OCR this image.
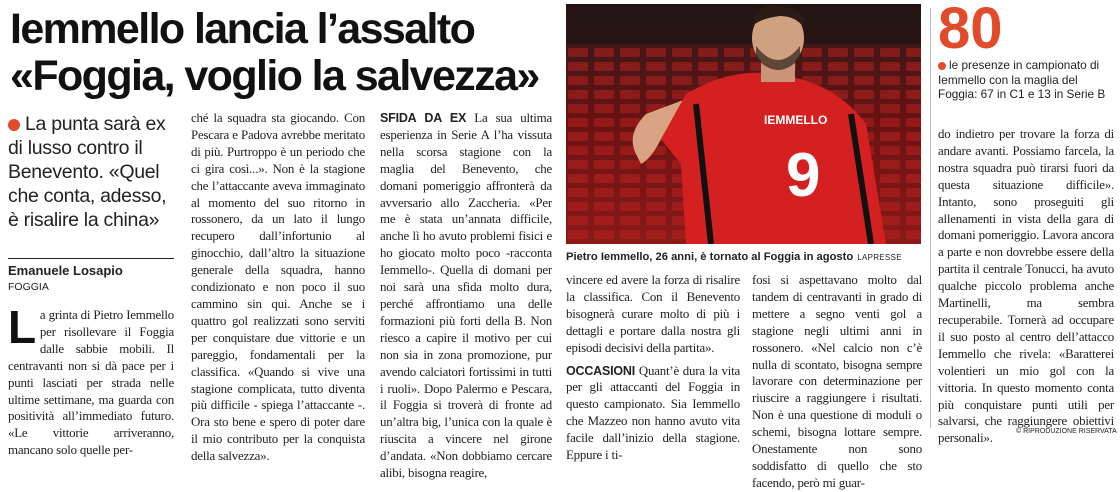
Iemmello lancia l’assalto
«Foggia, voglio la salvezza»
La punta sarà ex di lusso contro il Benevento. «Quel che conta, adesso, è risalire la china»
Emanuele Losapio
FOGGIA
La grinta di Pietro Iemmello per risollevare il Foggia dalle sabbie mobili. Il centravanti non si dà pace per i punti lasciati per strada nelle ultime settimane, ma guarda con positività all’immediato futuro. «Le vittorie arriveranno, mancano solo quelle per-
ché la squadra sta giocando. Con Pescara e Padova avrebbe meritato di più. Purtroppo è un periodo che ci gira così...». Non è la stagione che l’attaccante aveva immaginato al momento del suo ritorno in rossonero, da un lato il lungo recupero dall’infortunio al ginocchio, dall’altro la situazione generale della squadra, hanno condizionato e non poco il suo cammino sin qui. Anche se i quattro gol realizzati sono serviti per conquistare due vittorie e un pareggio, fondamentali per la classifica. «Quando si vive una stagione complicata, tutto diventa più difficile - spiega l’attaccante -. Ora sto bene e spero di poter dare il mio contributo per la conquista della salvezza».
SFIDA DA EX La sua ultima esperienza in Serie A l’ha vissuta nella scorsa stagione con la maglia del Benevento, che domani pomeriggio affronterà da avversario allo Zaccheria. «Per me è stata un’annata difficile, anche lì ho avuto problemi fisici e ho giocato molto poco -racconta Iemmello-. Quella di domani per noi sarà una sfida molto dura, perché affrontiamo una delle formazioni più forti della B. Non riesco a capire il motivo per cui non sia in zona promozione, pur avendo calciatori fortissimi in tutti i ruoli». Dopo Palermo e Pescara, il Foggia si troverà di fronte ad un’altra big, l’unica con la quale è riuscita a vincere nel girone d’andata. «Non dobbiamo cercare alibi, bisogna reagire,
IEMMELLO
9
Pietro Iemmello, 26 anni, è tornato al Foggia in agosto LAPRESSE

vincere ed avere la forza di risalire la classifica. Con il Benevento bisognerà curare molto di più i dettagli e portare dalla nostra gli episodi decisivi della partita».

OCCASIONI Quant’è dura la vita per gli attaccanti del Foggia in questo campionato. Sia Iemmello che Mazzeo non hanno avuto vita facile dall’inizio della stagione. Eppure i ti-
fosi si aspettavano molto dal tandem di centravanti in grado di mettere a segno venti gol a stagione negli ultimi anni in rossonero. «Nel calcio non c’è nulla di scontato, bisogna sempre lavorare con determinazione per riuscire a raggiungere i risultati. Non è una questione di moduli o schemi, bisogna lottare sempre. Onestamente non sono soddisfatto di quello che sto facendo, però mi guar-
80
le presenze in campionato di Iemmello con la maglia del Foggia: 67 in C1 e 13 in Serie B
do indietro per trovare la forza di andare avanti. Possiamo farcela, la nostra squadra può tirarsi fuori da questa situazione difficile». Intanto, sono proseguiti gli allenamenti in vista della gara di domani pomeriggio. Lavora ancora a parte e non dovrebbe essere della partita il centrale Tonucci, ha avuto qualche piccolo problema anche Martinelli, ma sembra recuperabile. Tornerà ad occupare il suo posto al centro dell’attacco Iemmello che rivela: «Baratterei volentieri un mio gol con la vittoria. In questo momento conta più conquistare punti utili per salvarsi, che raggiungere obiettivi personali».	© RIPRODUZIONE RISERVATA
